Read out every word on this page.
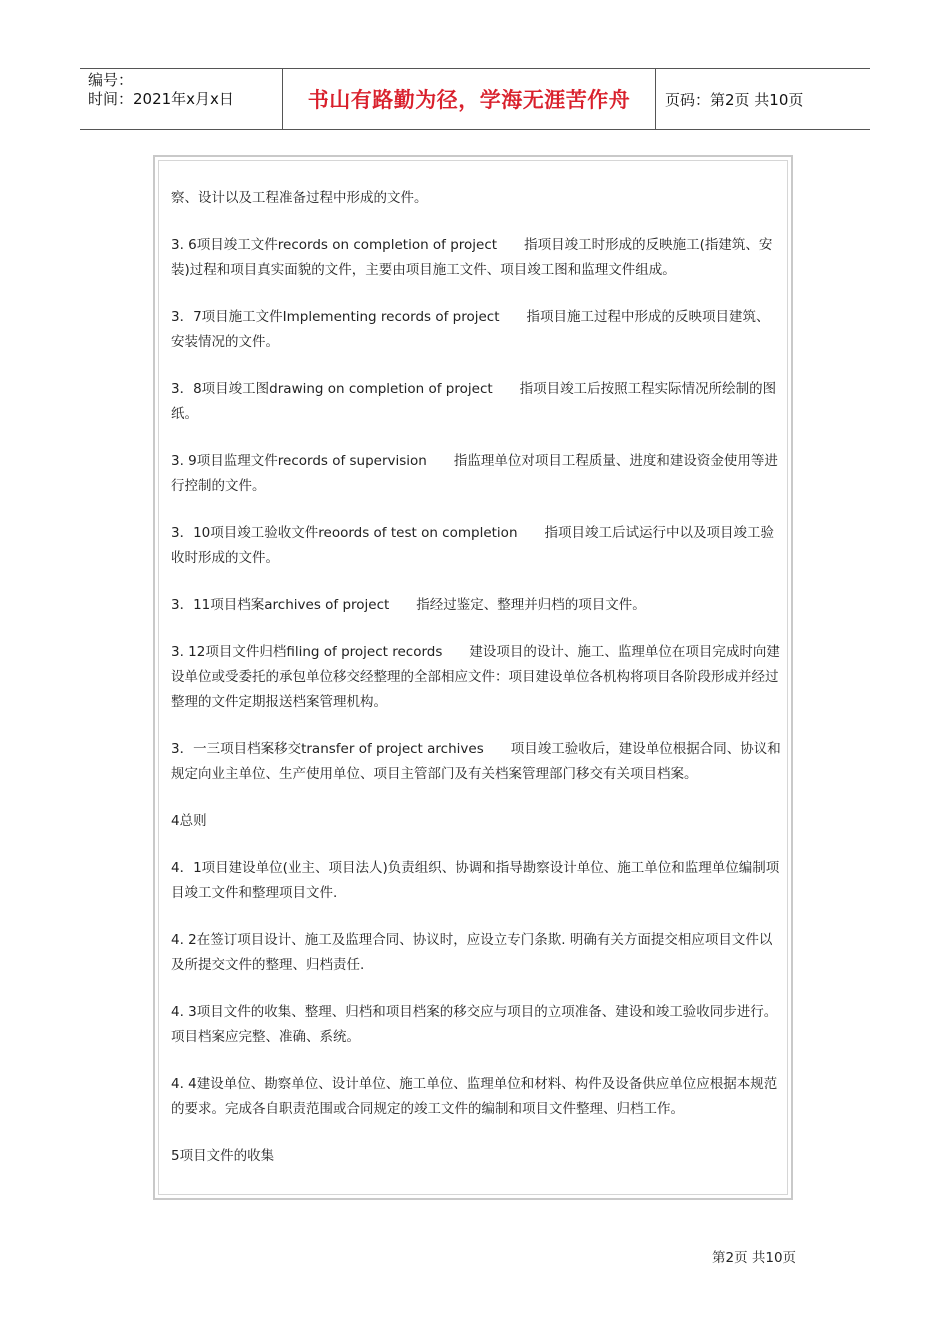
编号：
时间：2021年x月x日	书山有路勤为径，学海无涯苦作舟	页码：第2页 共10页

察、设计以及工程准备过程中形成的文件。

3. 6项目竣工文件records on completion of project　　指项目竣工时形成的反映施工(指建筑、安装)过程和项目真实面貌的文件，主要由项目施工文件、项目竣工图和监理文件组成。

3．7项目施工文件Implementing records of project　　指项目施工过程中形成的反映项目建筑、安装情况的文件。

3．8项目竣工图drawing on completion of project　　指项目竣工后按照工程实际情况所绘制的图纸。

3. 9项目监理文件records of supervision　　指监理单位对项目工程质量、进度和建设资金使用等进行控制的文件。

3．10项目竣工验收文件reoords of test on completion　　指项目竣工后试运行中以及项目竣工验收时形成的文件。

3．11项目档案archives of project　　指经过鉴定、整理并归档的项目文件。

3. 12项目文件归档filing of project records　　建设项目的设计、施工、监理单位在项目完成时向建设单位或受委托的承包单位移交经整理的全部相应文件：项目建设单位各机构将项目各阶段形成并经过整理的文件定期报送档案管理机构。

3．一三项目档案移交transfer of project archives　　项目竣工验收后，建设单位根据合同、协议和规定向业主单位、生产使用单位、项目主管部门及有关档案管理部门移交有关项目档案。

4总则

4．1项目建设单位(业主、项目法人)负责组织、协调和指导勘察设计单位、施工单位和监理单位编制项目竣工文件和整理项目文件.

4. 2在签订项目设计、施工及监理合同、协议时，应设立专门条欺. 明确有关方面提交相应项目文件以及所提交文件的整理、归档责任.

4. 3项目文件的收集、整理、归档和项目档案的移交应与项目的立项准备、建设和竣工验收同步进行。项目档案应完整、准确、系统。

4. 4建设单位、勘察单位、设计单位、施工单位、监理单位和材料、构件及设备供应单位应根据本规范的要求。完成各自职责范围或合同规定的竣工文件的编制和项目文件整理、归档工作。

5项目文件的收集

第2页 共10页
